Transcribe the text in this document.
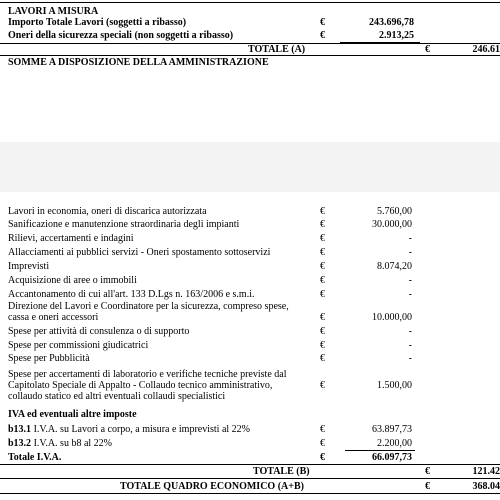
LAVORI A MISURA
Importo Totale Lavori (soggetti a ribasso)	€	243.696,78
Oneri della sicurezza speciali (non soggetti a ribasso)	€	2.913,25
TOTALE (A)	€	246.61
SOMME A DISPOSIZIONE DELLA AMMINISTRAZIONE
Lavori in economia, oneri di discarica autorizzata	€	5.760,00
Sanificazione e manutenzione straordinaria degli impianti	€	30.000,00
Rilievi, accertamenti e indagini	€	-
Allacciamenti ai pubblici servizi - Oneri spostamento sottoservizi	€	-
Imprevisti	€	8.074,20
Acquisizione di aree o immobili	€	-
Accantonamento di cui all'art. 133 D.Lgs n. 163/2006 e s.m.i.	€	-
Direzione del Lavori e Coordinatore per la sicurezza, compreso spese,
cassa e oneri accessori	€	10.000,00
Spese per attività di consulenza o di supporto	€	-
Spese per commissioni giudicatrici	€	-
Spese per Pubblicità	€	-
Spese per accertamenti di laboratorio e verifiche tecniche previste dal
Capitolato Speciale di Appalto - Collaudo tecnico amministrativo,
collaudo statico ed altri eventuali collaudi specialistici
€	1.500,00
IVA ed eventuali altre imposte
b13.1 I.V.A. su Lavori a corpo, a misura e imprevisti al 22%	€	63.897,73
b13.2 I.V.A. su b8 al 22%	€	2.200,00
Totale I.V.A.	€	66.097,73
TOTALE (B)	€	121.42
TOTALE QUADRO ECONOMICO (A+B)	€	368.04
